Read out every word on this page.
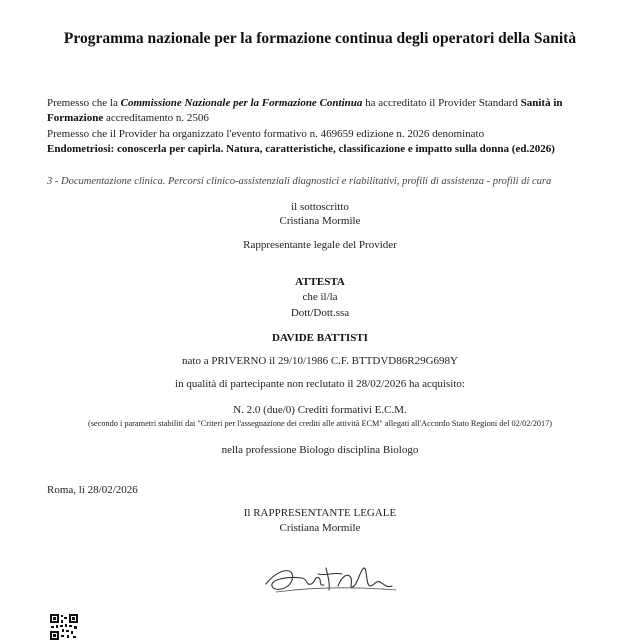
Programma nazionale per la formazione continua degli operatori della Sanità
Premesso che la Commissione Nazionale per la Formazione Continua ha accreditato il Provider Standard Sanità in Formazione accreditamento n. 2506
Premesso che il Provider ha organizzato l'evento formativo n. 469659 edizione n. 2026 denominato
Endometriosi: conoscerla per capirla. Natura, caratteristiche, classificazione e impatto sulla donna (ed.2026)
3 - Documentazione clinica. Percorsi clinico-assistenziali diagnostici e riabilitativi, profili di assistenza - profili di cura
il sottoscritto
Cristiana Mormile
Rappresentante legale del Provider
ATTESTA
che il/la
Dott/Dott.ssa
DAVIDE BATTISTI
nato a PRIVERNO il 29/10/1986 C.F. BTTDVD86R29G698Y
in qualità di partecipante non reclutato il 28/02/2026 ha acquisito:
N. 2.0 (due/0) Crediti formativi E.C.M.
(secondo i parametri stabiliti dai "Criteri per l'assegnazione dei crediti alle attività ECM" allegati all'Accordo Stato Regioni del 02/02/2017)
nella professione Biologo disciplina Biologo
Roma, li 28/02/2026
Il RAPPRESENTANTE LEGALE
Cristiana Mormile
